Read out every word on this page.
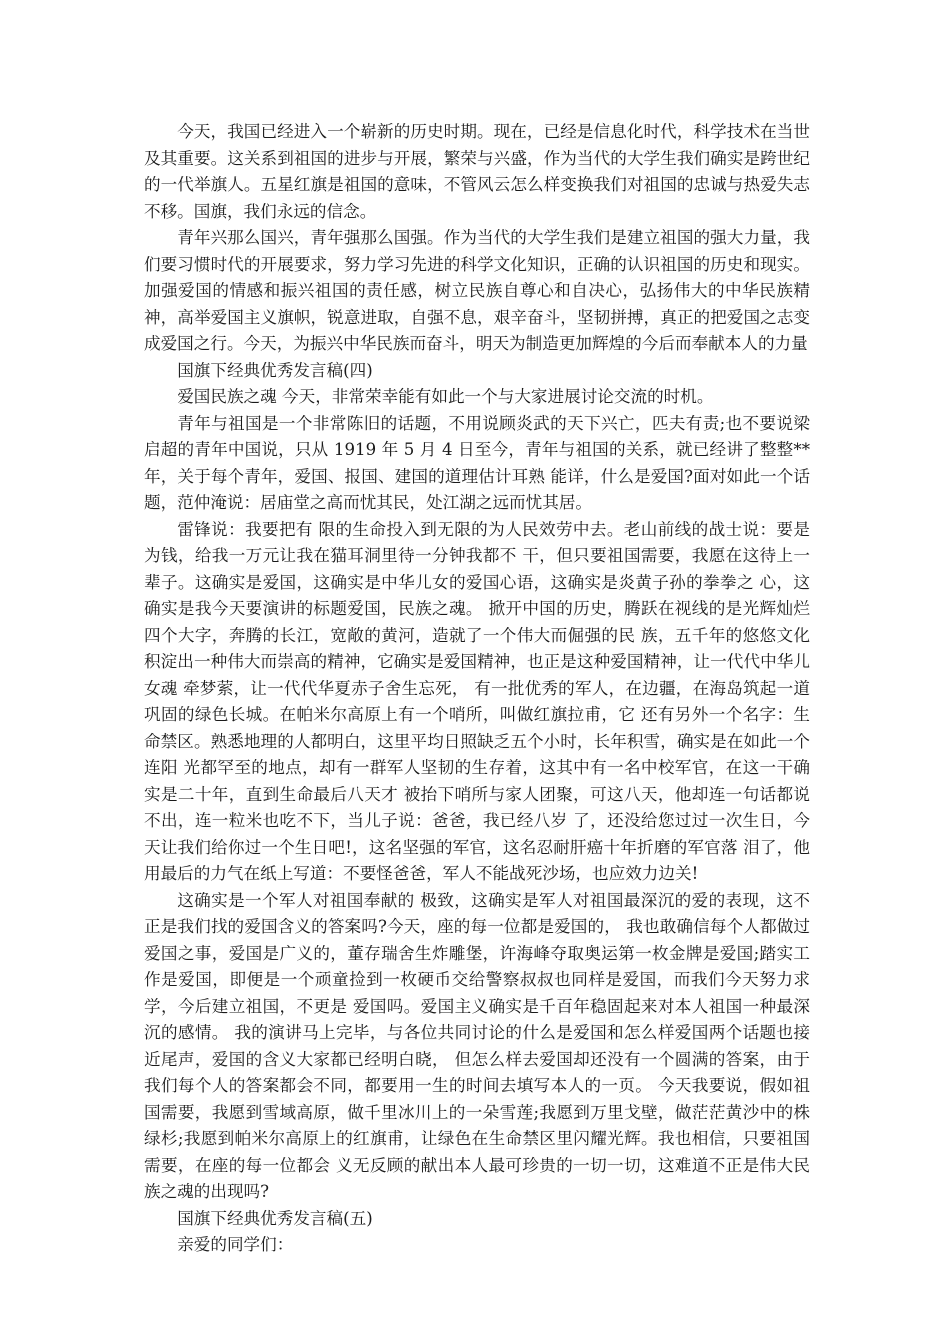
今天，我国已经进入一个崭新的历史时期。现在，已经是信息化时代，科学技术在当世及其重要。这关系到祖国的进步与开展，繁荣与兴盛，作为当代的大学生我们确实是跨世纪的一代举旗人。五星红旗是祖国的意味，不管风云怎么样变换我们对祖国的忠诚与热爱失志不移。国旗，我们永远的信念。

青年兴那么国兴，青年强那么国强。作为当代的大学生我们是建立祖国的强大力量，我们要习惯时代的开展要求，努力学习先进的科学文化知识，正确的认识祖国的历史和现实。加强爱国的情感和振兴祖国的责任感，树立民族自尊心和自决心，弘扬伟大的中华民族精神，高举爱国主义旗帜，锐意进取，自强不息，艰辛奋斗，坚韧拼搏，真正的把爱国之志变成爱国之行。今天，为振兴中华民族而奋斗，明天为制造更加辉煌的今后而奉献本人的力量

国旗下经典优秀发言稿(四)

爱国民族之魂 今天，非常荣幸能有如此一个与大家进展讨论交流的时机。

青年与祖国是一个非常陈旧的话题，不用说顾炎武的天下兴亡，匹夫有责;也不要说梁启超的青年中国说，只从 1919 年 5 月 4 日至今，青年与祖国的关系，就已经讲了整整**年，关于每个青年，爱国、报国、建国的道理估计耳熟 能详，什么是爱国?面对如此一个话题，范仲淹说：居庙堂之高而忧其民，处江湖之远而忧其居。

雷锋说：我要把有 限的生命投入到无限的为人民效劳中去。老山前线的战士说：要是为钱，给我一万元让我在猫耳洞里待一分钟我都不 干，但只要祖国需要，我愿在这待上一辈子。这确实是爱国，这确实是中华儿女的爱国心语，这确实是炎黄子孙的拳拳之 心，这确实是我今天要演讲的标题爱国，民族之魂。 掀开中国的历史，腾跃在视线的是光辉灿烂四个大字，奔腾的长江，宽敞的黄河，造就了一个伟大而倔强的民 族，五千年的悠悠文化积淀出一种伟大而崇高的精神，它确实是爱国精神，也正是这种爱国精神，让一代代中华儿女魂 牵梦萦，让一代代华夏赤子舍生忘死， 有一批优秀的军人，在边疆，在海岛筑起一道巩固的绿色长城。在帕米尔高原上有一个哨所，叫做红旗拉甫，它 还有另外一个名字：生命禁区。熟悉地理的人都明白，这里平均日照缺乏五个小时，长年积雪，确实是在如此一个连阳 光都罕至的地点，却有一群军人坚韧的生存着，这其中有一名中校军官，在这一干确实是二十年，直到生命最后八天才 被抬下哨所与家人团聚，可这八天，他却连一句话都说不出，连一粒米也吃不下，当儿子说：爸爸，我已经八岁 了，还没给您过过一次生日，今天让我们给你过一个生日吧!，这名坚强的军官，这名忍耐肝癌十年折磨的军官落 泪了，他用最后的力气在纸上写道：不要怪爸爸，军人不能战死沙场，也应效力边关!

这确实是一个军人对祖国奉献的 极致，这确实是军人对祖国最深沉的爱的表现，这不正是我们找的爱国含义的答案吗?今天，座的每一位都是爱国的， 我也敢确信每个人都做过爱国之事，爱国是广义的，董存瑞舍生炸雕堡，许海峰夺取奥运第一枚金牌是爱国;踏实工 作是爱国，即便是一个顽童捡到一枚硬币交给警察叔叔也同样是爱国，而我们今天努力求学，今后建立祖国，不更是 爱国吗。爱国主义确实是千百年稳固起来对本人祖国一种最深沉的感情。 我的演讲马上完毕，与各位共同讨论的什么是爱国和怎么样爱国两个话题也接近尾声，爱国的含义大家都已经明白晓， 但怎么样去爱国却还没有一个圆满的答案，由于我们每个人的答案都会不同，都要用一生的时间去填写本人的一页。 今天我要说，假如祖国需要，我愿到雪域高原，做千里冰川上的一朵雪莲;我愿到万里戈壁，做茫茫黄沙中的株 绿杉;我愿到帕米尔高原上的红旗甫，让绿色在生命禁区里闪耀光辉。我也相信，只要祖国需要，在座的每一位都会 义无反顾的献出本人最可珍贵的一切一切，这难道不正是伟大民族之魂的出现吗?

国旗下经典优秀发言稿(五)

亲爱的同学们：
